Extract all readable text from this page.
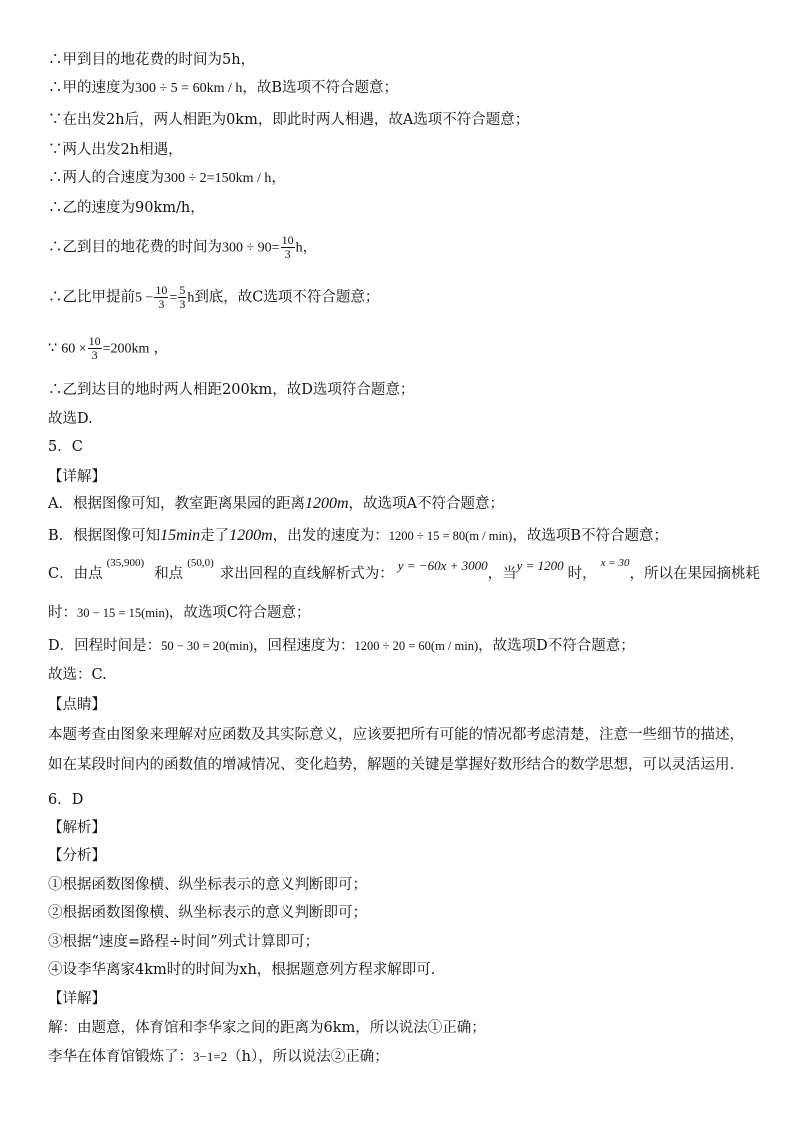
∴甲到目的地花费的时间为5h，
∴甲的速度为300 ÷ 5 = 60km / h，故B选项不符合题意；
∵在出发2h后，两人相距为0km，即此时两人相遇，故A选项不符合题意；
∵两人出发2h相遇，
∴两人的合速度为300 ÷ 2=150km / h，
∴乙的速度为90km/h，
∴乙到目的地花费的时间为$300 \div 90= \frac{10}{3}$ h，
∴乙比甲提前$5 - \frac{10}{3} = \frac{5}{3}$ h到底，故C选项不符合题意；
∵ $60 \times \frac{10}{3} =200km$ ，
∴乙到达目的地时两人相距200km，故D选项符合题意；
故选D.
5．C
【详解】
A．根据图像可知，教室距离果园的距离1200m，故选项A不符合题意；
B．根据图像可知15min走了1200m，出发的速度为：1200 ÷ 15 = 80(m / min)，故选项B不符合题意；
C．由点$^{(35,900)}$和点$^{(50,0)}$求出回程的直线解析式为：y = −60x + 3000，当y = 1200时，$^{x = 30}$，所以在果园摘桃耗
时：30 − 15 = 15(min)，故选项C符合题意；
D．回程时间是：50 − 30 = 20(min)，回程速度为：1200 ÷ 20 = 60(m / min)，故选项D不符合题意；
故选：C.
【点睛】
本题考查由图象来理解对应函数及其实际意义，应该要把所有可能的情况都考虑清楚，注意一些细节的描述，如在某段时间内的函数值的增减情况、变化趋势，解题的关键是掌握好数形结合的数学思想，可以灵活运用.
6．D
【解析】
【分析】
①根据函数图像横、纵坐标表示的意义判断即可；
②根据函数图像横、纵坐标表示的意义判断即可；
③根据“速度=路程÷时间”列式计算即可；
④设李华离家4km时的时间为xh，根据题意列方程求解即可.
【详解】
解：由题意，体育馆和李华家之间的距离为6km，所以说法①正确；
李华在体育馆锻炼了：3−1=2（h），所以说法②正确；
